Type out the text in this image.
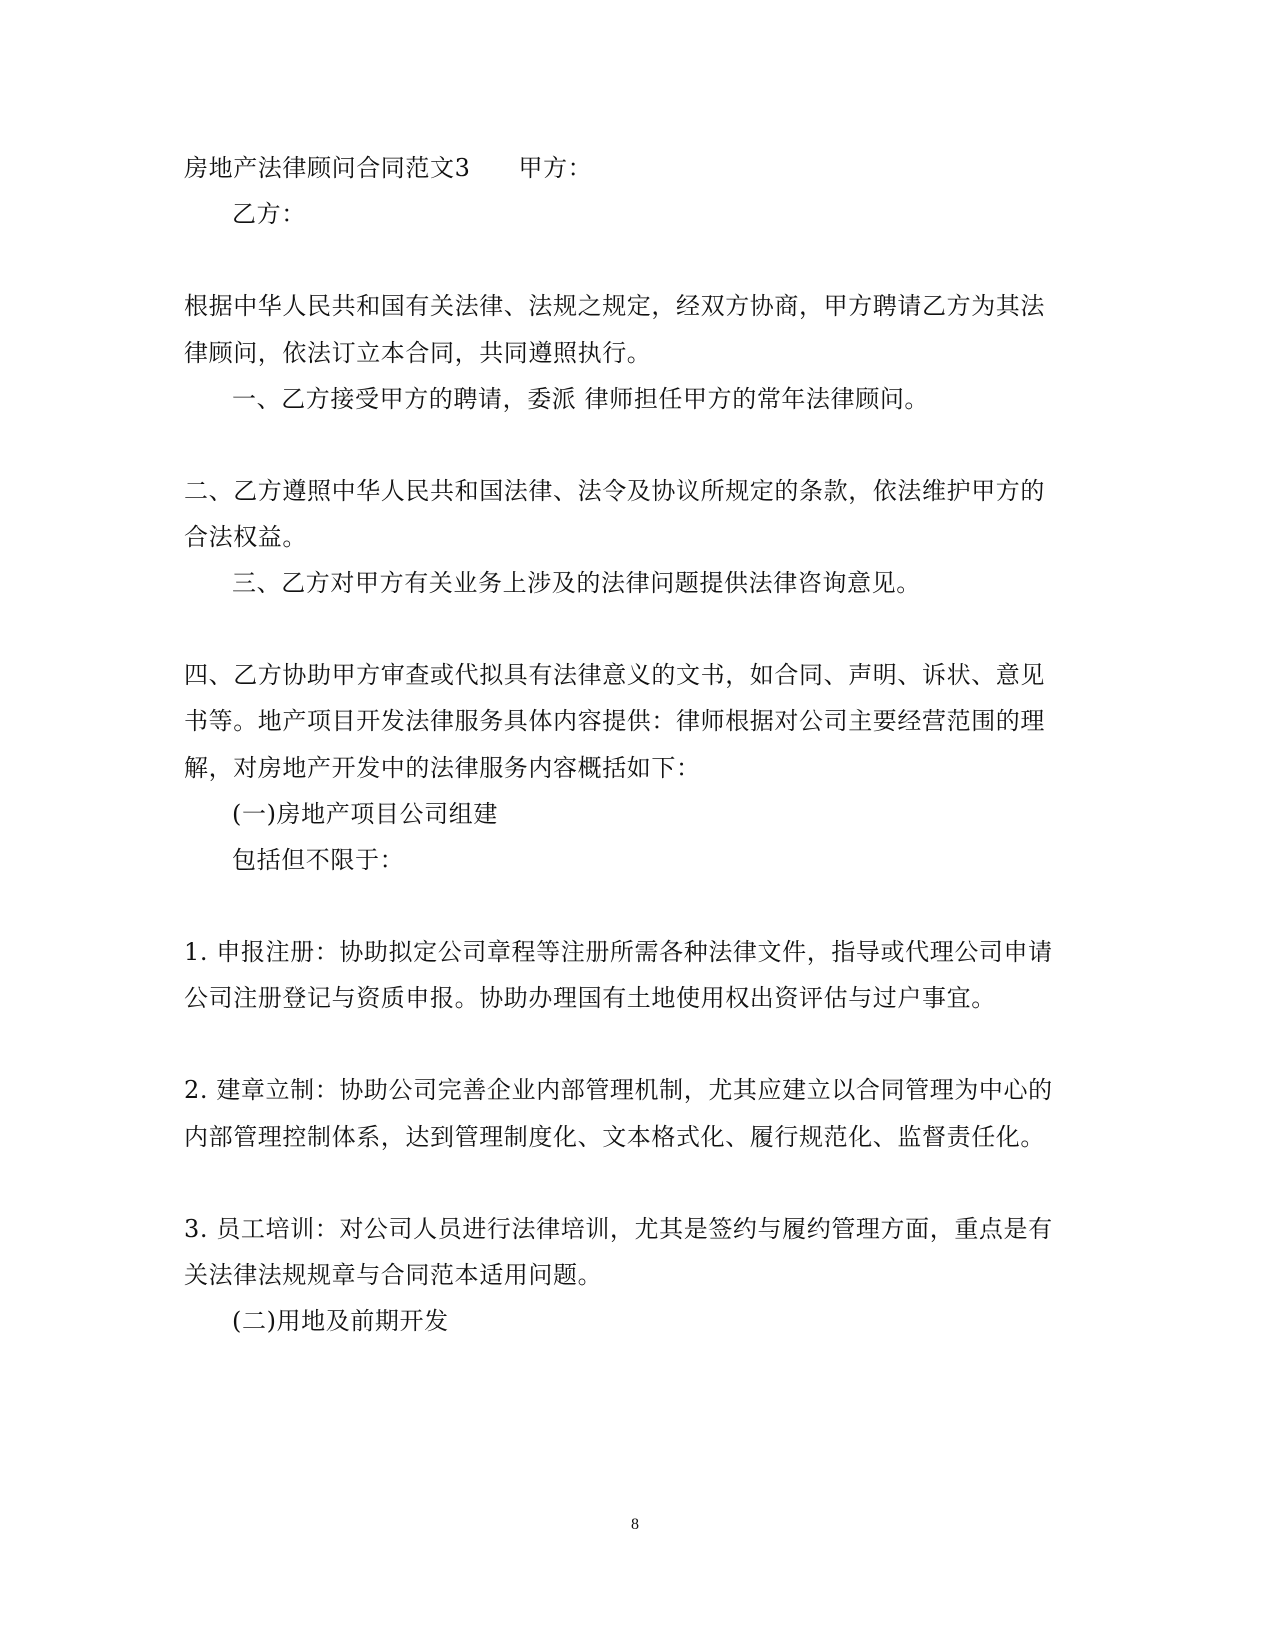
房地产法律顾问合同范文3 甲方：
乙方：
根据中华人民共和国有关法律、法规之规定，经双方协商，甲方聘请乙方为其法
律顾问，依法订立本合同，共同遵照执行。
一、乙方接受甲方的聘请，委派 律师担任甲方的常年法律顾问。
二、乙方遵照中华人民共和国法律、法令及协议所规定的条款，依法维护甲方的
合法权益。
三、乙方对甲方有关业务上涉及的法律问题提供法律咨询意见。
四、乙方协助甲方审查或代拟具有法律意义的文书，如合同、声明、诉状、意见
书等。地产项目开发法律服务具体内容提供：律师根据对公司主要经营范围的理
解，对房地产开发中的法律服务内容概括如下：
(一)房地产项目公司组建
包括但不限于：
1. 申报注册：协助拟定公司章程等注册所需各种法律文件，指导或代理公司申请
公司注册登记与资质申报。协助办理国有土地使用权出资评估与过户事宜。
2. 建章立制：协助公司完善企业内部管理机制，尤其应建立以合同管理为中心的
内部管理控制体系，达到管理制度化、文本格式化、履行规范化、监督责任化。
3. 员工培训：对公司人员进行法律培训，尤其是签约与履约管理方面，重点是有
关法律法规规章与合同范本适用问题。
(二)用地及前期开发
8
